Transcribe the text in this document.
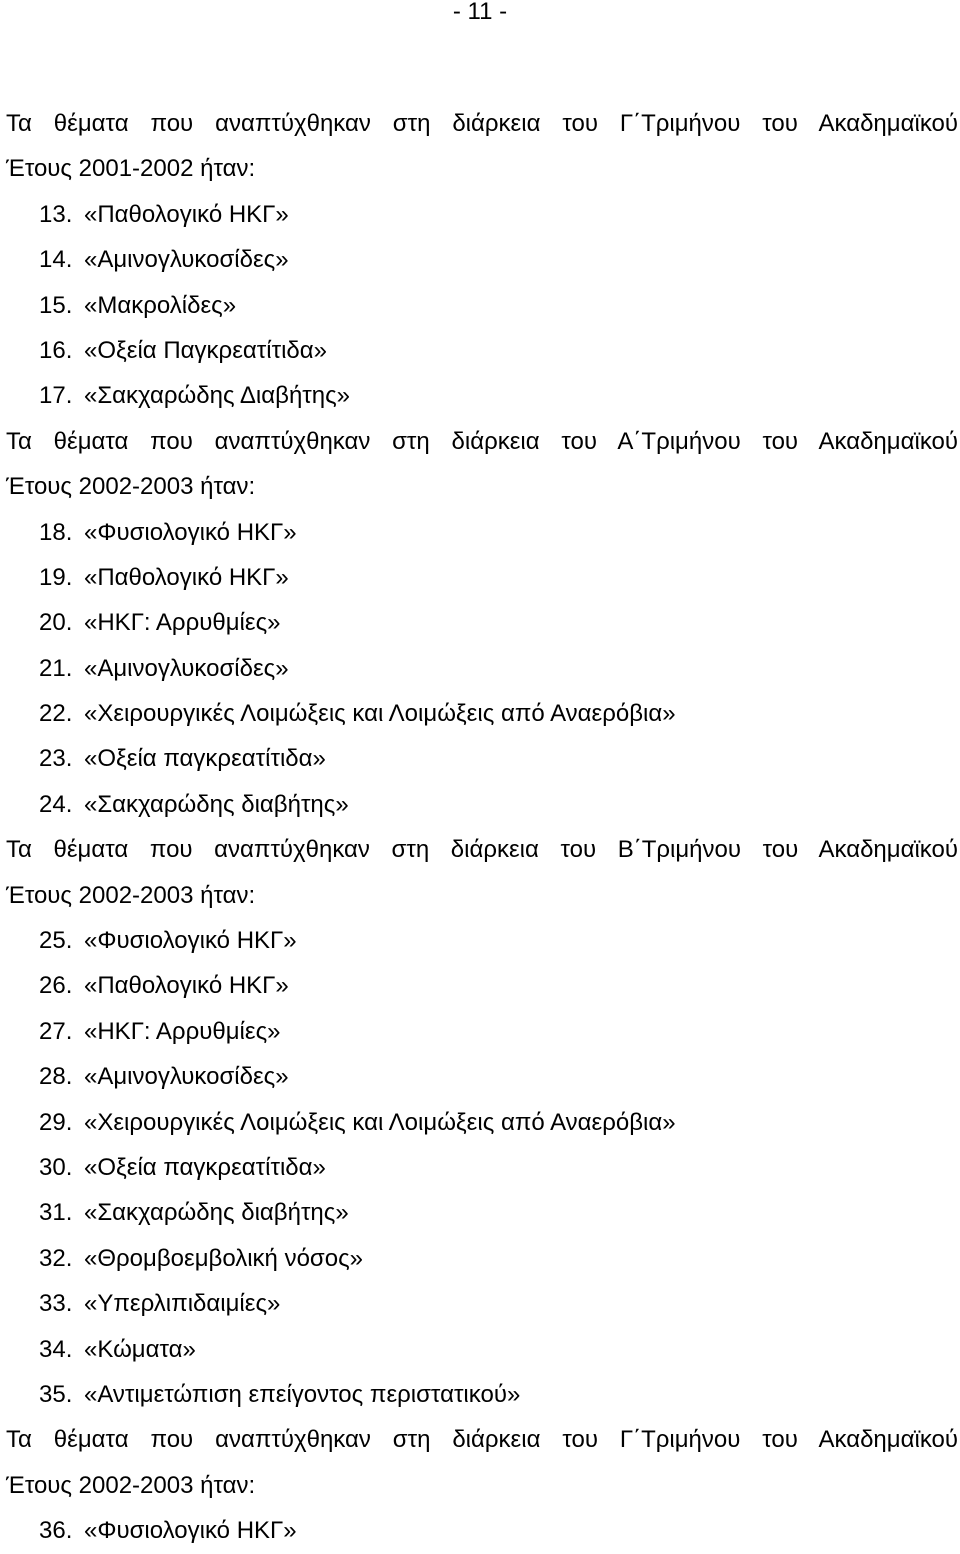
- 11 -
Τα θέματα που αναπτύχθηκαν στη διάρκεια του Γ΄Τριμήνου του Ακαδημαϊκού
Έτους 2001-2002 ήταν:
13. «Παθολογικό ΗΚΓ»
14. «Αμινογλυκοσίδες»
15. «Μακρολίδες»
16. «Οξεία Παγκρεατίτιδα»
17. «Σακχαρώδης Διαβήτης»
Τα θέματα που αναπτύχθηκαν στη διάρκεια του Α΄Τριμήνου του Ακαδημαϊκού
Έτους 2002-2003 ήταν:
18. «Φυσιολογικό ΗΚΓ»
19. «Παθολογικό ΗΚΓ»
20. «ΗΚΓ: Αρρυθμίες»
21. «Αμινογλυκοσίδες»
22. «Χειρουργικές Λοιμώξεις και Λοιμώξεις από Αναερόβια»
23. «Οξεία παγκρεατίτιδα»
24. «Σακχαρώδης διαβήτης»
Τα θέματα που αναπτύχθηκαν στη διάρκεια του Β΄Τριμήνου του Ακαδημαϊκού
Έτους 2002-2003 ήταν:
25. «Φυσιολογικό ΗΚΓ»
26. «Παθολογικό ΗΚΓ»
27. «ΗΚΓ: Αρρυθμίες»
28. «Αμινογλυκοσίδες»
29. «Χειρουργικές Λοιμώξεις και Λοιμώξεις από Αναερόβια»
30. «Οξεία παγκρεατίτιδα»
31. «Σακχαρώδης διαβήτης»
32. «Θρομβοεμβολική νόσος»
33. «Υπερλιπιδαιμίες»
34. «Κώματα»
35. «Αντιμετώπιση επείγοντος περιστατικού»
Τα θέματα που αναπτύχθηκαν στη διάρκεια του Γ΄Τριμήνου του Ακαδημαϊκού
Έτους 2002-2003 ήταν:
36. «Φυσιολογικό ΗΚΓ»
